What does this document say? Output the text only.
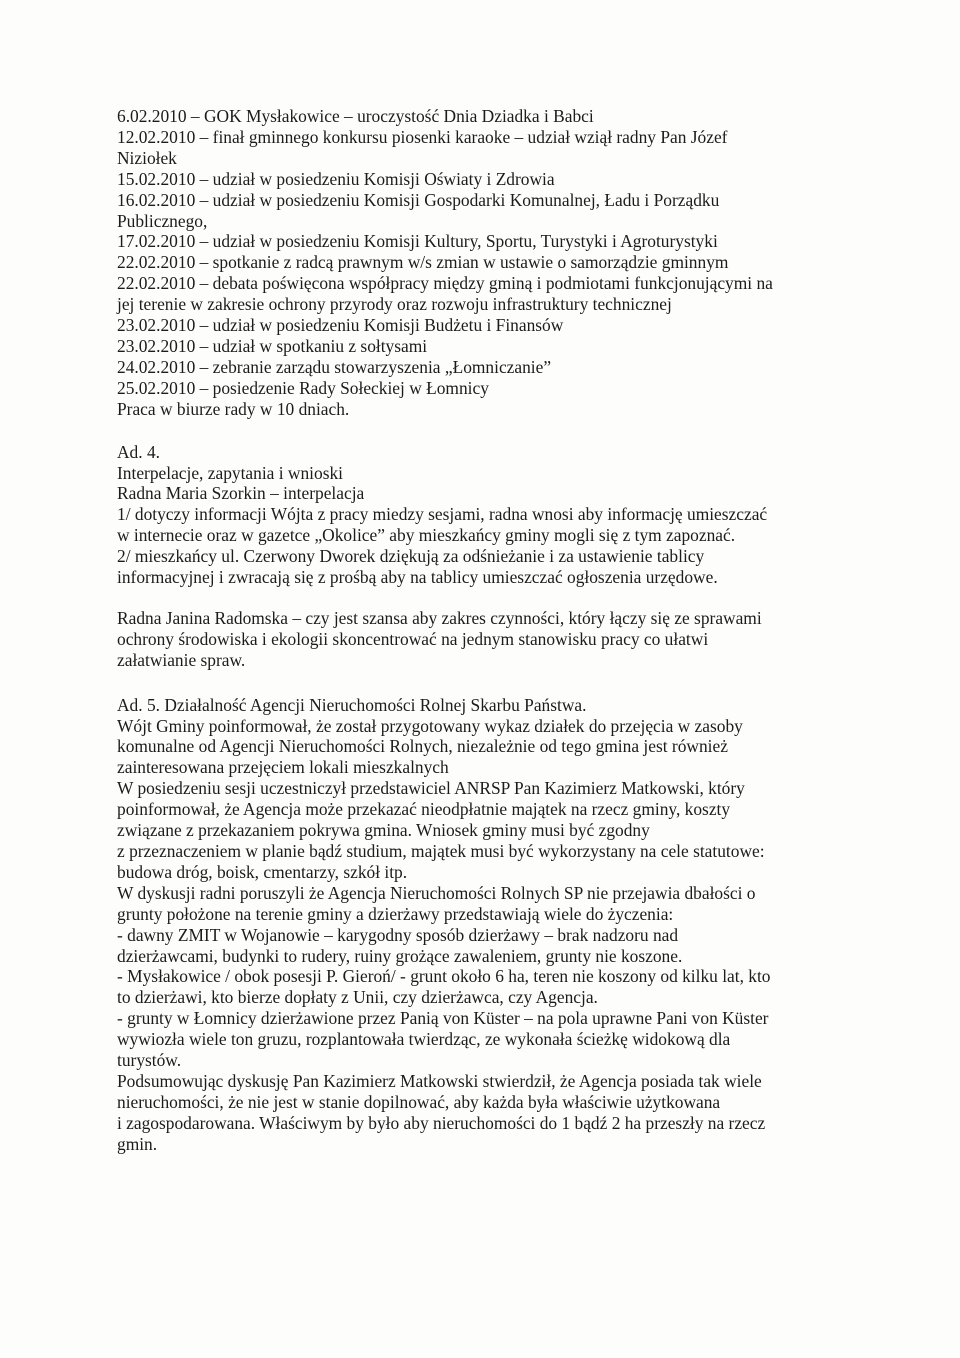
6.02.2010 – GOK Mysłakowice – uroczystość Dnia Dziadka i Babci
12.02.2010 – finał gminnego konkursu piosenki karaoke – udział wziął radny Pan Józef
Niziołek
15.02.2010 – udział w posiedzeniu Komisji Oświaty i Zdrowia
16.02.2010 – udział w posiedzeniu Komisji Gospodarki Komunalnej, Ładu i Porządku
Publicznego,
17.02.2010 – udział w posiedzeniu Komisji Kultury, Sportu, Turystyki i Agroturystyki
22.02.2010 – spotkanie z radcą prawnym w/s zmian w ustawie o samorządzie gminnym
22.02.2010 – debata poświęcona współpracy między gminą i podmiotami funkcjonującymi na
jej terenie w zakresie ochrony przyrody oraz rozwoju infrastruktury technicznej
23.02.2010 – udział w posiedzeniu Komisji Budżetu i Finansów
23.02.2010 – udział w spotkaniu z sołtysami
24.02.2010 – zebranie zarządu stowarzyszenia „Łomniczanie”
25.02.2010 – posiedzenie Rady Sołeckiej w Łomnicy
Praca w biurze rady w 10 dniach.
Ad. 4.
Interpelacje, zapytania i wnioski
Radna Maria Szorkin – interpelacja
1/ dotyczy informacji Wójta z pracy miedzy sesjami, radna wnosi aby informację umieszczać
w internecie oraz w gazetce „Okolice” aby mieszkańcy gminy mogli się z tym zapoznać.
2/ mieszkańcy ul. Czerwony Dworek dziękują za odśnieżanie i za ustawienie tablicy
informacyjnej i zwracają się z prośbą aby na tablicy umieszczać ogłoszenia urzędowe.
Radna Janina Radomska – czy jest szansa aby zakres czynności, który łączy się ze sprawami
ochrony środowiska i ekologii skoncentrować na jednym stanowisku pracy co ułatwi
załatwianie spraw.
Ad. 5. Działalność Agencji Nieruchomości Rolnej Skarbu Państwa.
Wójt Gminy poinformował, że został przygotowany wykaz działek do przejęcia w zasoby
komunalne od Agencji Nieruchomości Rolnych, niezależnie od tego gmina jest również
zainteresowana przejęciem lokali mieszkalnych
W posiedzeniu sesji uczestniczył przedstawiciel ANRSP Pan Kazimierz Matkowski, który
poinformował, że Agencja może przekazać nieodpłatnie majątek na rzecz gminy, koszty
związane z przekazaniem pokrywa gmina. Wniosek gminy musi być zgodny
z przeznaczeniem w planie bądź studium, majątek musi być wykorzystany na cele statutowe:
budowa dróg, boisk, cmentarzy, szkół itp.
W dyskusji radni poruszyli że Agencja Nieruchomości Rolnych SP nie przejawia dbałości o
grunty położone na terenie gminy a dzierżawy przedstawiają wiele do życzenia:
- dawny ZMIT w Wojanowie – karygodny sposób dzierżawy – brak nadzoru nad
dzierżawcami, budynki to rudery, ruiny grożące zawaleniem, grunty nie koszone.
- Mysłakowice / obok posesji P. Gieroń/ - grunt około 6 ha, teren nie koszony od kilku lat, kto
to dzierżawi, kto bierze dopłaty z Unii, czy dzierżawca, czy Agencja.
- grunty w Łomnicy dzierżawione przez Panią von Küster – na pola uprawne Pani von Küster
wywiozła wiele ton gruzu, rozplantowała twierdząc, ze wykonała ścieżkę widokową dla
turystów.
Podsumowując dyskusję Pan Kazimierz Matkowski stwierdził, że Agencja posiada tak wiele
nieruchomości, że nie jest w stanie dopilnować, aby każda była właściwie użytkowana
i zagospodarowana. Właściwym by było aby nieruchomości do 1 bądź 2 ha przeszły na rzecz
gmin.
